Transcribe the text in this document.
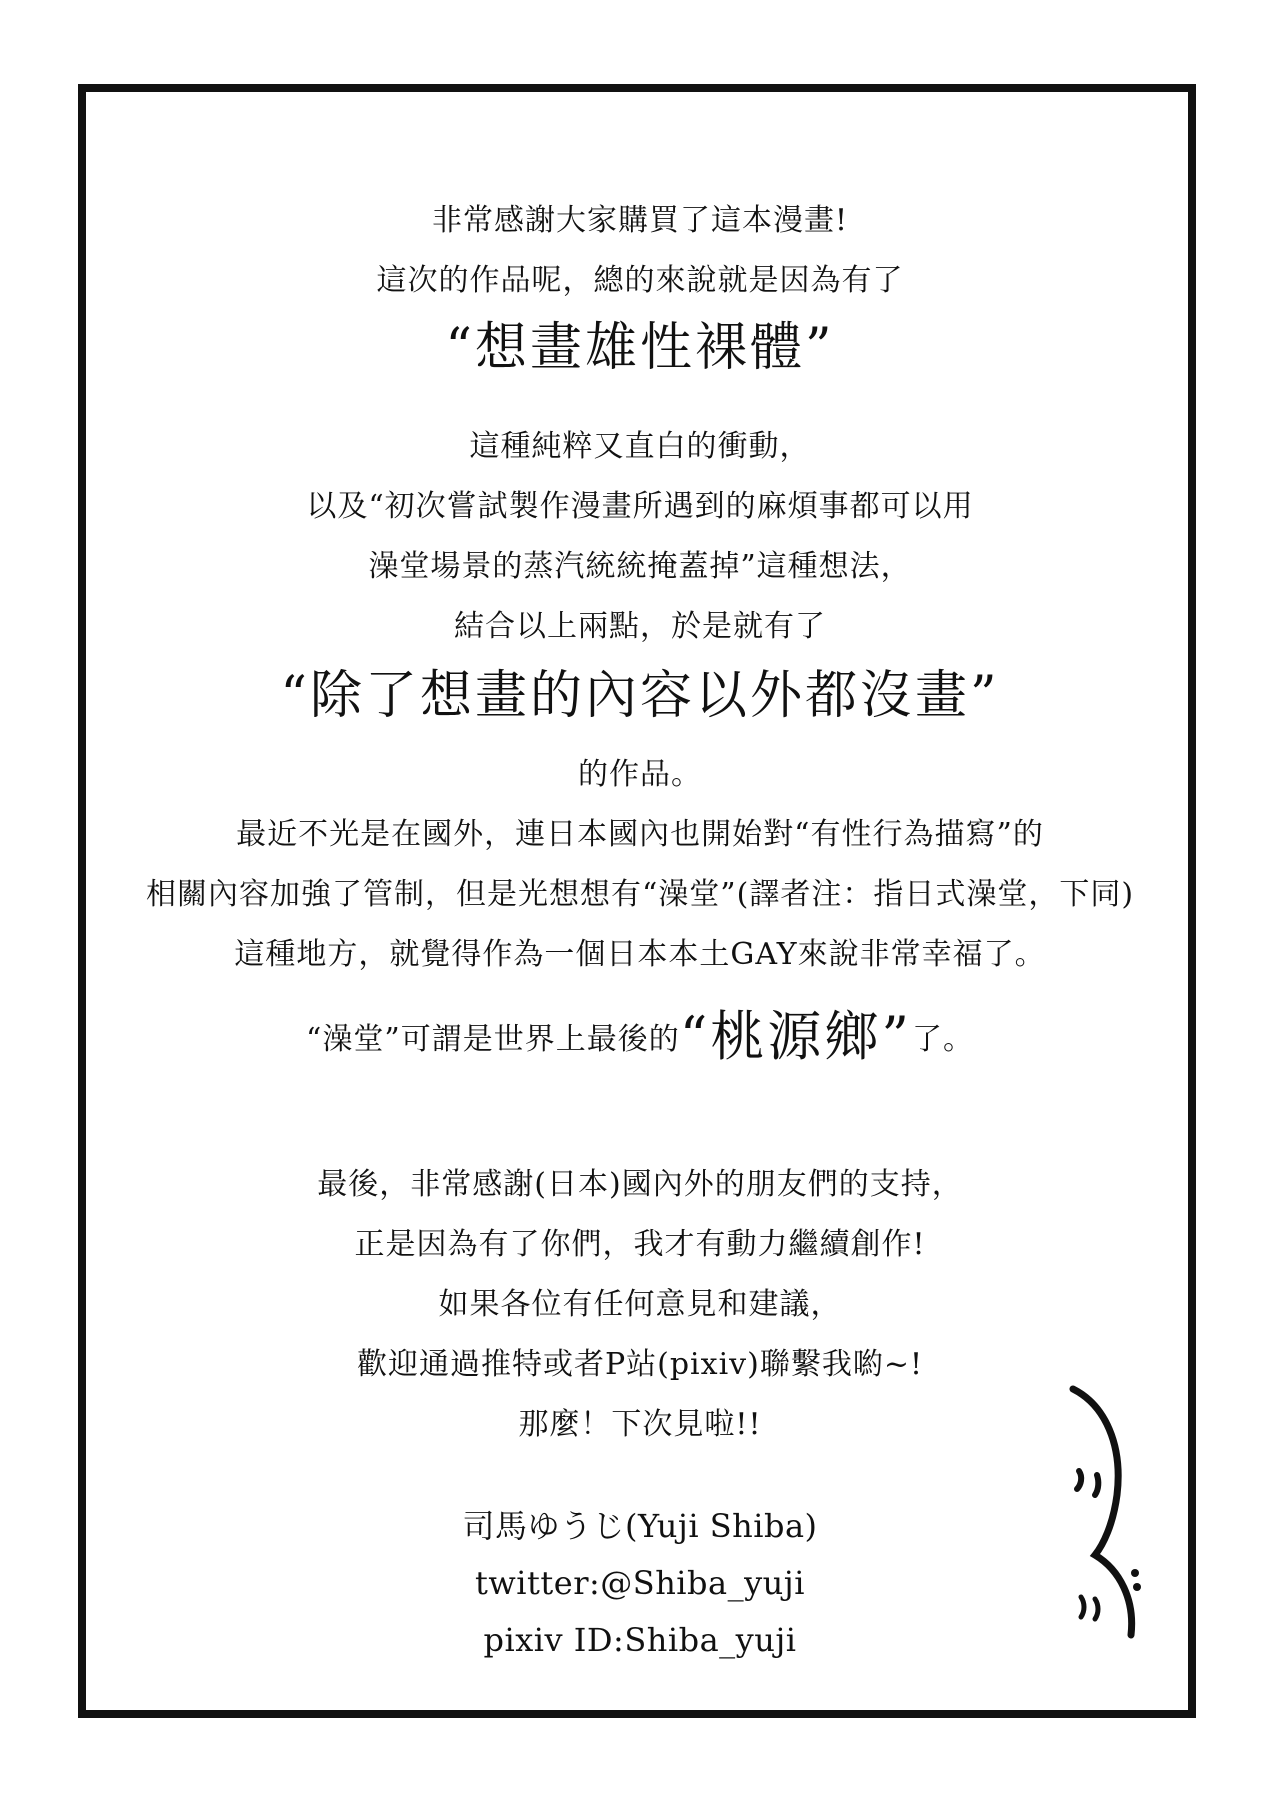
非常感謝大家購買了這本漫畫!
這次的作品呢，總的來說就是因為有了
“想畫雄性裸體”
這種純粹又直白的衝動，
以及“初次嘗試製作漫畫所遇到的麻煩事都可以用
澡堂場景的蒸汽統統掩蓋掉”這種想法，
結合以上兩點，於是就有了
“除了想畫的內容以外都沒畫”
的作品。
最近不光是在國外，連日本國內也開始對“有性行為描寫”的
相關內容加強了管制，但是光想想有“澡堂”(譯者注：指日式澡堂，下同)
這種地方，就覺得作為一個日本本土GAY來說非常幸福了。
“澡堂”可謂是世界上最後的“桃源鄉”了。
最後，非常感謝(日本)國內外的朋友們的支持，
正是因為有了你們，我才有動力繼續創作!
如果各位有任何意見和建議，
歡迎通過推特或者P站(pixiv)聯繫我喲~!
那麼！下次見啦!!
司馬ゆうじ(Yuji Shiba)
twitter:@Shiba_yuji
pixiv ID:Shiba_yuji
